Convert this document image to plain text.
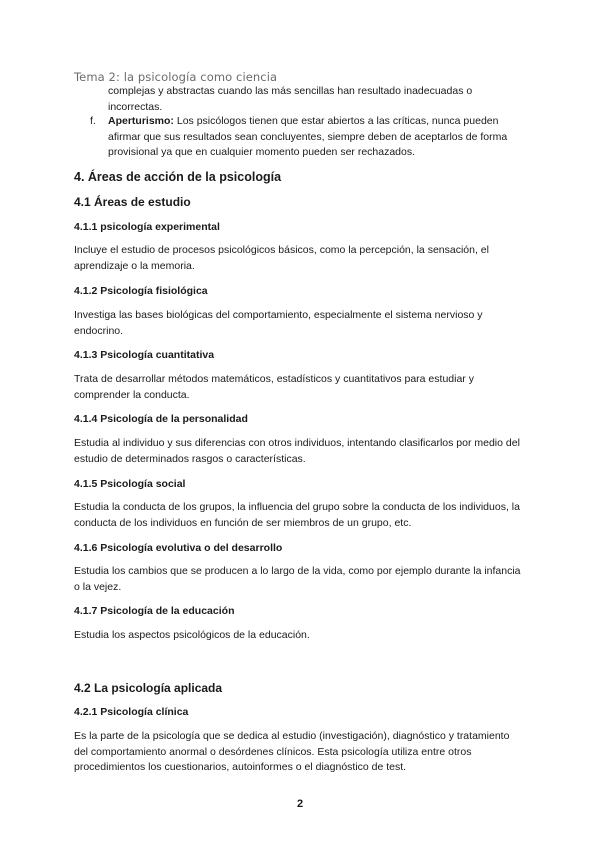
Tema 2: la psicología como ciencia
complejas y abstractas cuando las más sencillas han resultado inadecuadas o incorrectas.
f. Aperturismo: Los psicólogos tienen que estar abiertos a las críticas, nunca pueden afirmar que sus resultados sean concluyentes, siempre deben de aceptarlos de forma provisional ya que en cualquier momento pueden ser rechazados.
4. Áreas de acción de la psicología
4.1 Áreas de estudio
4.1.1 psicología experimental
Incluye el estudio de procesos psicológicos básicos, como la percepción, la sensación, el aprendizaje o la memoria.
4.1.2 Psicología fisiológica
Investiga las bases biológicas del comportamiento, especialmente el sistema nervioso y endocrino.
4.1.3 Psicología cuantitativa
Trata de desarrollar métodos matemáticos, estadísticos y cuantitativos para estudiar y comprender la conducta.
4.1.4 Psicología de la personalidad
Estudia al individuo y sus diferencias con otros individuos, intentando clasificarlos por medio del estudio de determinados rasgos o características.
4.1.5 Psicología social
Estudia la conducta de los grupos, la influencia del grupo sobre la conducta de los individuos, la conducta de los individuos en función de ser miembros de un grupo, etc.
4.1.6 Psicología evolutiva o del desarrollo
Estudia los cambios que se producen a lo largo de la vida, como por ejemplo durante la infancia o la vejez.
4.1.7 Psicología de la educación
Estudia los aspectos psicológicos de la educación.
4.2 La psicología aplicada
4.2.1 Psicología clínica
Es la parte de la psicología que se dedica al estudio (investigación), diagnóstico y tratamiento del comportamiento anormal o desórdenes clínicos. Esta psicología utiliza entre otros procedimientos los cuestionarios, autoinformes o el diagnóstico de test.
2
